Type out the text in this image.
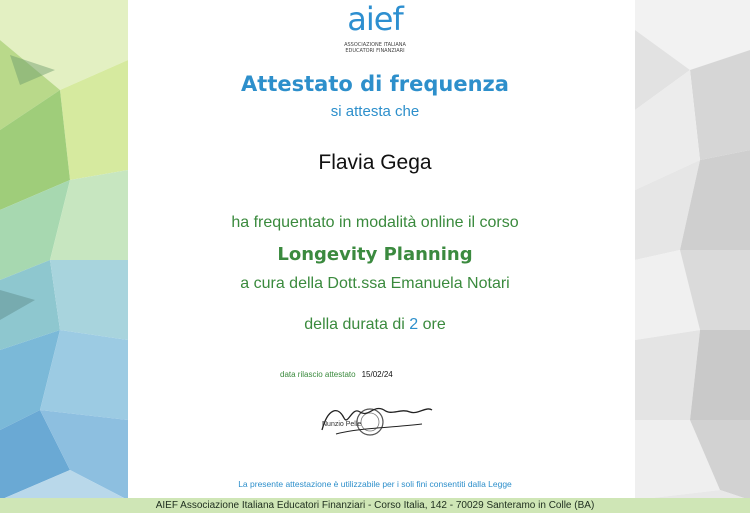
aief
ASSOCIAZIONE ITALIANA
EDUCATORI FINANZIARI
Attestato di frequenza
si attesta che
Flavia Gega
ha frequentato in modalità online il corso
Longevity Planning
a cura della Dott.ssa Emanuela Notari
della durata di 2 ore
data rilascio attestato 15/02/24
Nunzio Pelle
La presente attestazione è utilizzabile per i soli fini consentiti dalla Legge
AIEF Associazione Italiana Educatori Finanziari - Corso Italia, 142 - 70029 Santeramo in Colle (BA)
